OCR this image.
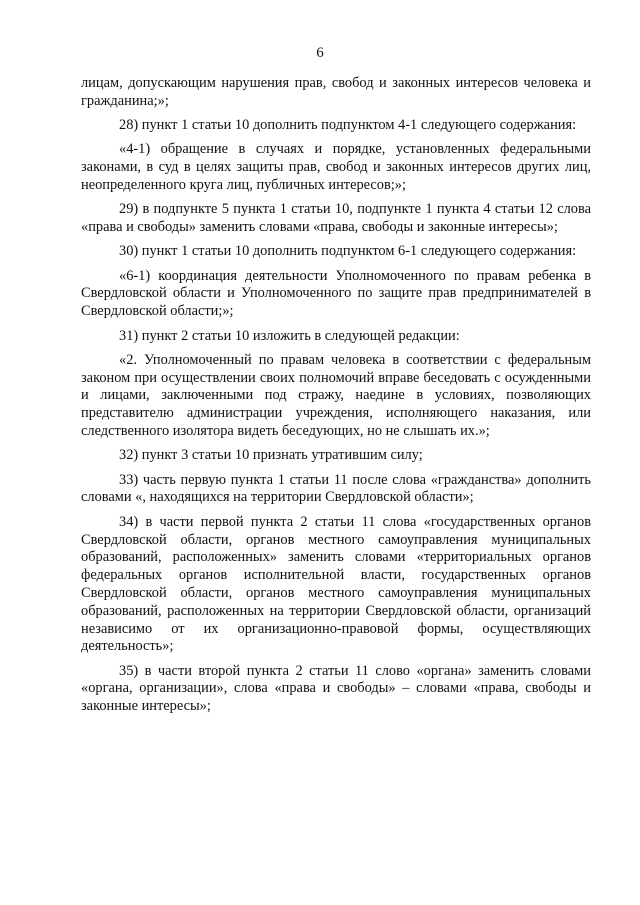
6

лицам, допускающим нарушения прав, свобод и законных интересов человека и гражданина;»;

28) пункт 1 статьи 10 дополнить подпунктом 4-1 следующего содержания:

«4-1) обращение в случаях и порядке, установленных федеральными законами, в суд в целях защиты прав, свобод и законных интересов других лиц, неопределенного круга лиц, публичных интересов;»;

29) в подпункте 5 пункта 1 статьи 10, подпункте 1 пункта 4 статьи 12 слова «права и свободы» заменить словами «права, свободы и законные интересы»;

30) пункт 1 статьи 10 дополнить подпунктом 6-1 следующего содержания:

«6-1) координация деятельности Уполномоченного по правам ребенка в Свердловской области и Уполномоченного по защите прав предпринимателей в Свердловской области;»;

31) пункт 2 статьи 10 изложить в следующей редакции:

«2. Уполномоченный по правам человека в соответствии с федеральным законом при осуществлении своих полномочий вправе беседовать с осужденными и лицами, заключенными под стражу, наедине в условиях, позволяющих представителю администрации учреждения, исполняющего наказания, или следственного изолятора видеть беседующих, но не слышать их.»;

32) пункт 3 статьи 10 признать утратившим силу;

33) часть первую пункта 1 статьи 11 после слова «гражданства» дополнить словами «, находящихся на территории Свердловской области»;

34) в части первой пункта 2 статьи 11 слова «государственных органов Свердловской области, органов местного самоуправления муниципальных образований, расположенных» заменить словами «территориальных органов федеральных органов исполнительной власти, государственных органов Свердловской области, органов местного самоуправления муниципальных образований, расположенных на территории Свердловской области, организаций независимо от их организационно-правовой формы, осуществляющих деятельность»;

35) в части второй пункта 2 статьи 11 слово «органа» заменить словами «органа, организации», слова «права и свободы» – словами «права, свободы и законные интересы»;
